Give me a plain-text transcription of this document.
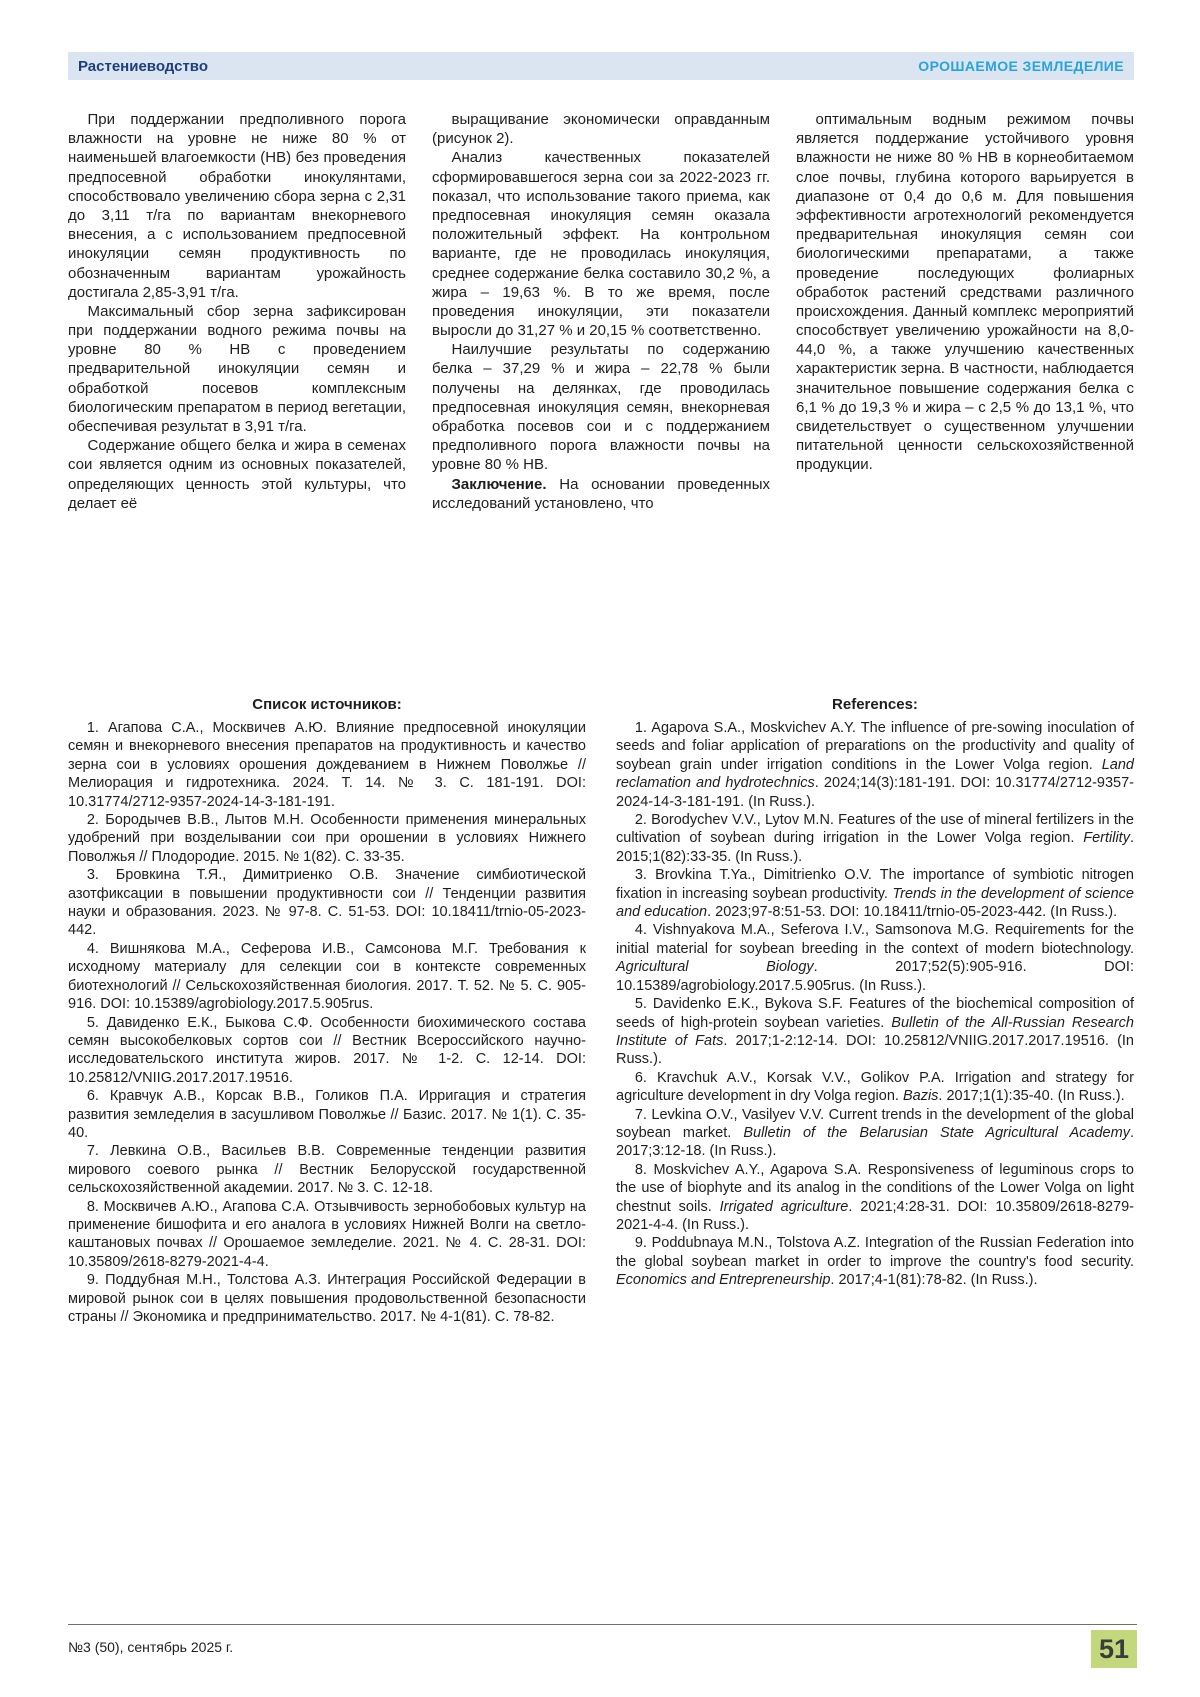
Растениеводство	ОРОШАЕМОЕ ЗЕМЛЕДЕЛИЕ

При поддержании предполивного порога влажности на уровне не ниже 80 % от наименьшей влагоемкости (НВ) без проведения предпосевной обработки инокулянтами, способствовало увеличению сбора зерна с 2,31 до 3,11 т/га по вариантам внекорневого внесения, а с использованием предпосевной инокуляции семян продуктивность по обозначенным вариантам урожайность достигала 2,85-3,91 т/га.

Максимальный сбор зерна зафиксирован при поддержании водного режима почвы на уровне 80 % НВ с проведением предварительной инокуляции семян и обработкой посевов комплексным биологическим препаратом в период вегетации, обеспечивая результат в 3,91 т/га.

Содержание общего белка и жира в семенах сои является одним из основных показателей, определяющих ценность этой культуры, что делает её

выращивание экономически оправданным (рисунок 2).

Анализ качественных показателей сформировавшегося зерна сои за 2022-2023 гг. показал, что использование такого приема, как предпосевная инокуляция семян оказала положительный эффект. На контрольном варианте, где не проводилась инокуляция, среднее содержание белка составило 30,2 %, а жира – 19,63 %. В то же время, после проведения инокуляции, эти показатели выросли до 31,27 % и 20,15 % соответственно.

Наилучшие результаты по содержанию белка – 37,29 % и жира – 22,78 % были получены на делянках, где проводилась предпосевная инокуляция семян, внекорневая обработка посевов сои и с поддержанием предполивного порога влажности почвы на уровне 80 % НВ.

Заключение. На основании проведенных исследований установлено, что

оптимальным водным режимом почвы является поддержание устойчивого уровня влажности не ниже 80 % НВ в корнеобитаемом слое почвы, глубина которого варьируется в диапазоне от 0,4 до 0,6 м. Для повышения эффективности агротехнологий рекомендуется предварительная инокуляция семян сои биологическими препаратами, а также проведение последующих фолиарных обработок растений средствами различного происхождения. Данный комплекс мероприятий способствует увеличению урожайности на 8,0-44,0 %, а также улучшению качественных характеристик зерна. В частности, наблюдается значительное повышение содержания белка с 6,1 % до 19,3 % и жира – с 2,5 % до 13,1 %, что свидетельствует о существенном улучшении питательной ценности сельскохозяйственной продукции.

Список источников:

1. Агапова С.А., Москвичев А.Ю. Влияние предпосевной инокуляции семян и внекорневого внесения препаратов на продуктивность и качество зерна сои в условиях орошения дождеванием в Нижнем Поволжье // Мелиорация и гидротехника. 2024. Т. 14. № 3. С. 181-191. DOI: 10.31774/2712-9357-2024-14-3-181-191.

2. Бородычев В.В., Лытов М.Н. Особенности применения минеральных удобрений при возделывании сои при орошении в условиях Нижнего Поволжья // Плодородие. 2015. № 1(82). С. 33-35.

3. Бровкина Т.Я., Димитриенко О.В. Значение симбиотической азотфиксации в повышении продуктивности сои // Тенденции развития науки и образования. 2023. № 97-8. С. 51-53. DOI: 10.18411/trnio-05-2023-442.

4. Вишнякова М.А., Сеферова И.В., Самсонова М.Г. Требования к исходному материалу для селекции сои в контексте современных биотехнологий // Сельскохозяйственная биология. 2017. Т. 52. № 5. С. 905-916. DOI: 10.15389/agrobiology.2017.5.905rus.

5. Давиденко Е.К., Быкова С.Ф. Особенности биохимического состава семян высокобелковых сортов сои // Вестник Всероссийского научно-исследовательского института жиров. 2017. № 1-2. С. 12-14. DOI: 10.25812/VNIIG.2017.2017.19516.

6. Кравчук А.В., Корсак В.В., Голиков П.А. Ирригация и стратегия развития земледелия в засушливом Поволжье // Базис. 2017. № 1(1). С. 35-40.

7. Левкина О.В., Васильев В.В. Современные тенденции развития мирового соевого рынка // Вестник Белорусской государственной сельскохозяйственной академии. 2017. № 3. С. 12-18.

8. Москвичев А.Ю., Агапова С.А. Отзывчивость зернобобовых культур на применение бишофита и его аналога в условиях Нижней Волги на светло-каштановых почвах // Орошаемое земледелие. 2021. № 4. С. 28-31. DOI: 10.35809/2618-8279-2021-4-4.

9. Поддубная М.Н., Толстова А.З. Интеграция Российской Федерации в мировой рынок сои в целях повышения продовольственной безопасности страны // Экономика и предпринимательство. 2017. № 4-1(81). С. 78-82.

References:

1. Agapova S.A., Moskvichev A.Y. The influence of pre-sowing inoculation of seeds and foliar application of preparations on the productivity and quality of soybean grain under irrigation conditions in the Lower Volga region. Land reclamation and hydrotechnics. 2024;14(3):181-191. DOI: 10.31774/2712-9357-2024-14-3-181-191. (In Russ.).

2. Borodychev V.V., Lytov M.N. Features of the use of mineral fertilizers in the cultivation of soybean during irrigation in the Lower Volga region. Fertility. 2015;1(82):33-35. (In Russ.).

3. Brovkina T.Ya., Dimitrienko O.V. The importance of symbiotic nitrogen fixation in increasing soybean productivity. Trends in the development of science and education. 2023;97-8:51-53. DOI: 10.18411/trnio-05-2023-442. (In Russ.).

4. Vishnyakova M.A., Seferova I.V., Samsonova M.G. Requirements for the initial material for soybean breeding in the context of modern biotechnology. Agricultural Biology. 2017;52(5):905-916. DOI: 10.15389/agrobiology.2017.5.905rus. (In Russ.).

5. Davidenko E.K., Bykova S.F. Features of the biochemical composition of seeds of high-protein soybean varieties. Bulletin of the All-Russian Research Institute of Fats. 2017;1-2:12-14. DOI: 10.25812/VNIIG.2017.2017.19516. (In Russ.).

6. Kravchuk A.V., Korsak V.V., Golikov P.A. Irrigation and strategy for agriculture development in dry Volga region. Bazis. 2017;1(1):35-40. (In Russ.).

7. Levkina O.V., Vasilyev V.V. Current trends in the development of the global soybean market. Bulletin of the Belarusian State Agricultural Academy. 2017;3:12-18. (In Russ.).

8. Moskvichev A.Y., Agapova S.A. Responsiveness of leguminous crops to the use of biophyte and its analog in the conditions of the Lower Volga on light chestnut soils. Irrigated agriculture. 2021;4:28-31. DOI: 10.35809/2618-8279-2021-4-4. (In Russ.).

9. Poddubnaya M.N., Tolstova A.Z. Integration of the Russian Federation into the global soybean market in order to improve the country's food security. Economics and Entrepreneurship. 2017;4-1(81):78-82. (In Russ.).

№3 (50), сентябрь 2025 г.	51
